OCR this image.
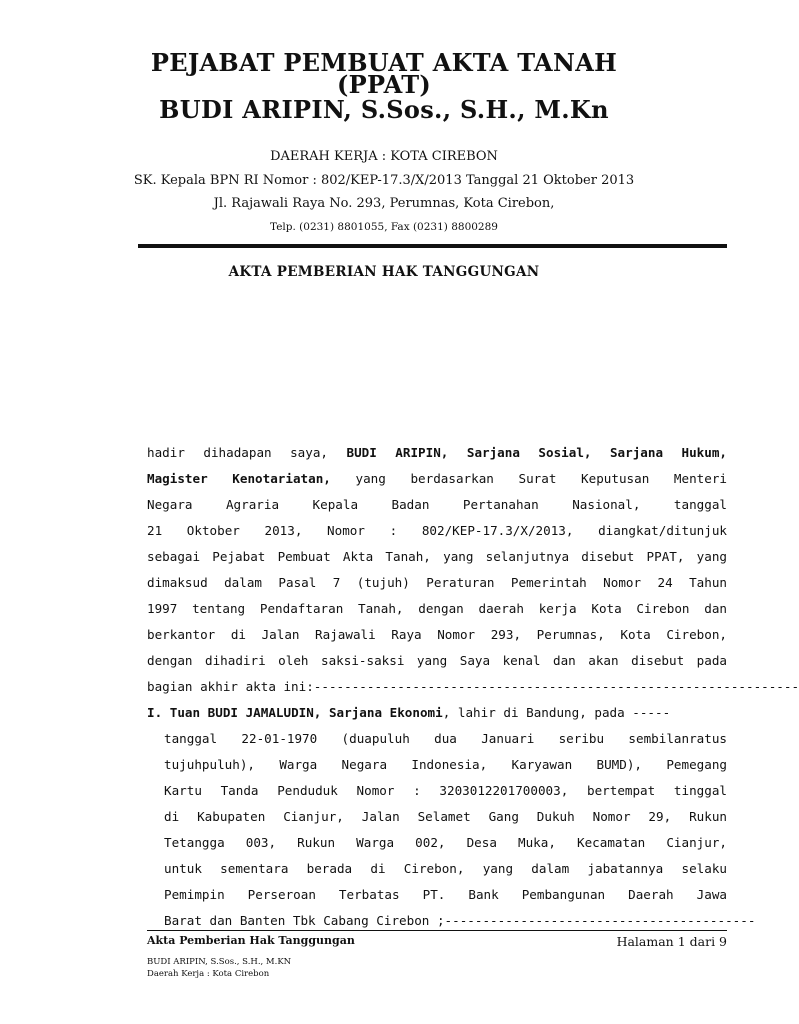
PEJABAT PEMBUAT AKTA TANAH
(PPAT)
BUDI ARIPIN, S.Sos., S.H., M.Kn
DAERAH KERJA : KOTA CIREBON
SK. Kepala BPN RI Nomor : 802/KEP-17.3/X/2013 Tanggal 21 Oktober 2013
Jl. Rajawali Raya No. 293, Perumnas, Kota Cirebon,
Telp. (0231) 8801055, Fax (0231) 8800289
AKTA PEMBERIAN HAK TANGGUNGAN
hadir dihadapan saya, BUDI ARIPIN, Sarjana Sosial, Sarjana Hukum,
Magister Kenotariatan, yang berdasarkan Surat Keputusan Menteri
Negara Agraria Kepala Badan Pertanahan Nasional, tanggal
21 Oktober 2013, Nomor : 802/KEP-17.3/X/2013, diangkat/ditunjuk
sebagai Pejabat Pembuat Akta Tanah, yang selanjutnya disebut PPAT, yang
dimaksud dalam Pasal 7 (tujuh) Peraturan Pemerintah Nomor 24 Tahun
1997 tentang Pendaftaran Tanah, dengan daerah kerja Kota Cirebon dan
berkantor di Jalan Rajawali Raya Nomor 293, Perumnas, Kota Cirebon,
dengan dihadiri oleh saksi-saksi yang Saya kenal dan akan disebut pada
bagian akhir akta ini:----------------------------------------------------------------
I. Tuan BUDI JAMALUDIN, Sarjana Ekonomi, lahir di Bandung, pada -----
tanggal 22-01-1970 (duapuluh dua Januari seribu sembilanratus
tujuhpuluh), Warga Negara Indonesia, Karyawan BUMD), Pemegang
Kartu Tanda Penduduk Nomor : 3203012201700003, bertempat tinggal
di Kabupaten Cianjur, Jalan Selamet Gang Dukuh Nomor 29, Rukun
Tetangga 003, Rukun Warga 002, Desa Muka, Kecamatan Cianjur,
untuk sementara berada di Cirebon, yang dalam jabatannya selaku
Pemimpin Perseroan Terbatas PT. Bank Pembangunan Daerah Jawa
Barat dan Banten Tbk Cabang Cirebon ;-----------------------------------------
Akta Pemberian Hak Tanggungan	Halaman 1 dari 9
BUDI ARIPIN, S.Sos., S.H., M.KN
Daerah Kerja : Kota Cirebon
